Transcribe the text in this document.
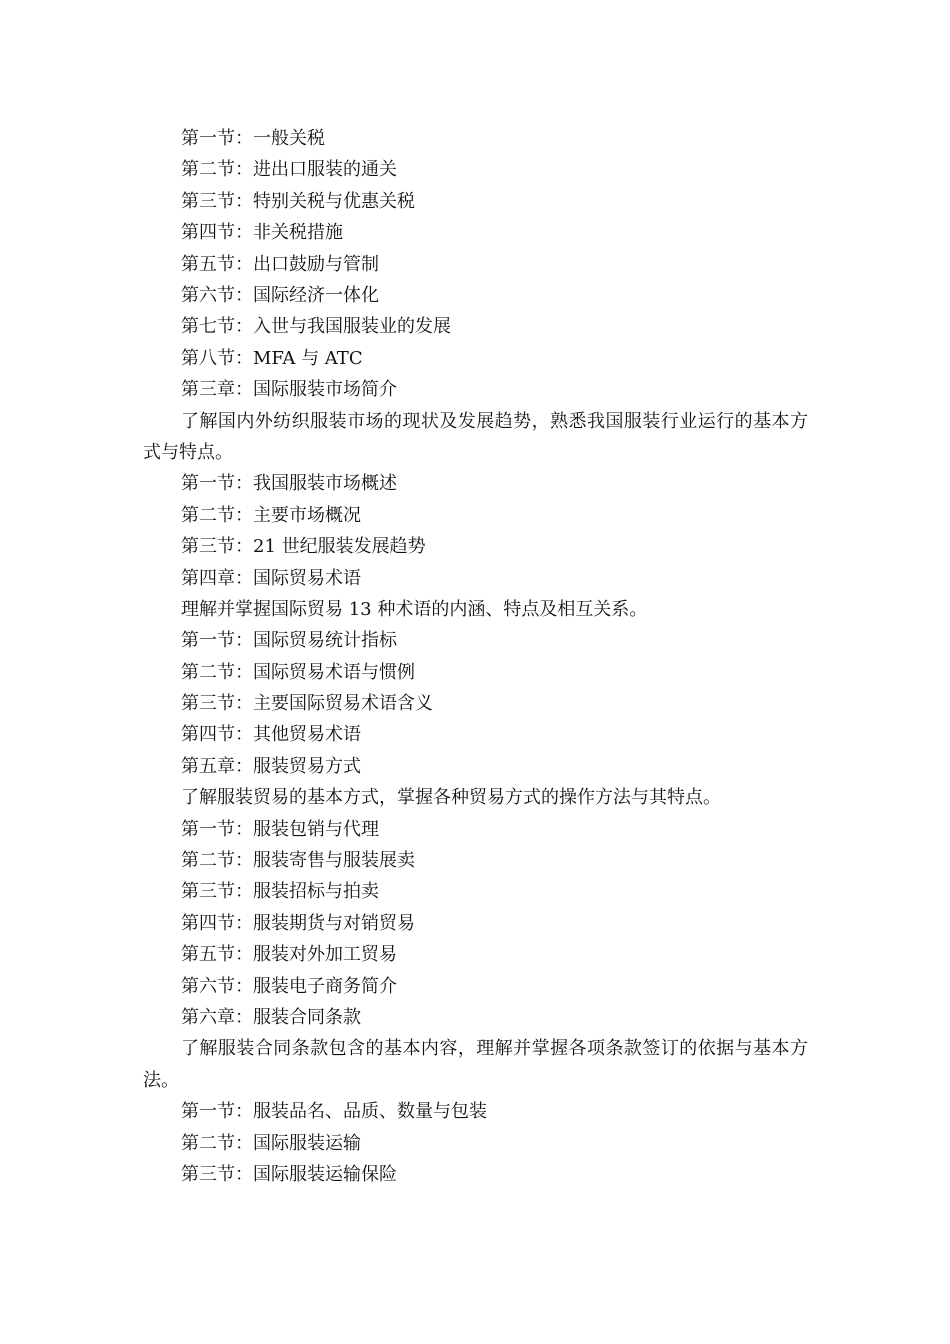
第一节：一般关税

第二节：进出口服装的通关

第三节：特别关税与优惠关税

第四节：非关税措施

第五节：出口鼓励与管制

第六节：国际经济一体化

第七节：入世与我国服装业的发展

第八节：MFA 与 ATC

第三章：国际服装市场简介

了解国内外纺织服装市场的现状及发展趋势，熟悉我国服装行业运行的基本方式与特点。

第一节：我国服装市场概述

第二节：主要市场概况

第三节：21 世纪服装发展趋势

第四章：国际贸易术语

理解并掌握国际贸易 13 种术语的内涵、特点及相互关系。

第一节：国际贸易统计指标

第二节：国际贸易术语与惯例

第三节：主要国际贸易术语含义

第四节：其他贸易术语

第五章：服装贸易方式

了解服装贸易的基本方式，掌握各种贸易方式的操作方法与其特点。

第一节：服装包销与代理

第二节：服装寄售与服装展卖

第三节：服装招标与拍卖

第四节：服装期货与对销贸易

第五节：服装对外加工贸易

第六节：服装电子商务简介

第六章：服装合同条款

了解服装合同条款包含的基本内容，理解并掌握各项条款签订的依据与基本方法。

第一节：服装品名、品质、数量与包装

第二节：国际服装运输

第三节：国际服装运输保险
